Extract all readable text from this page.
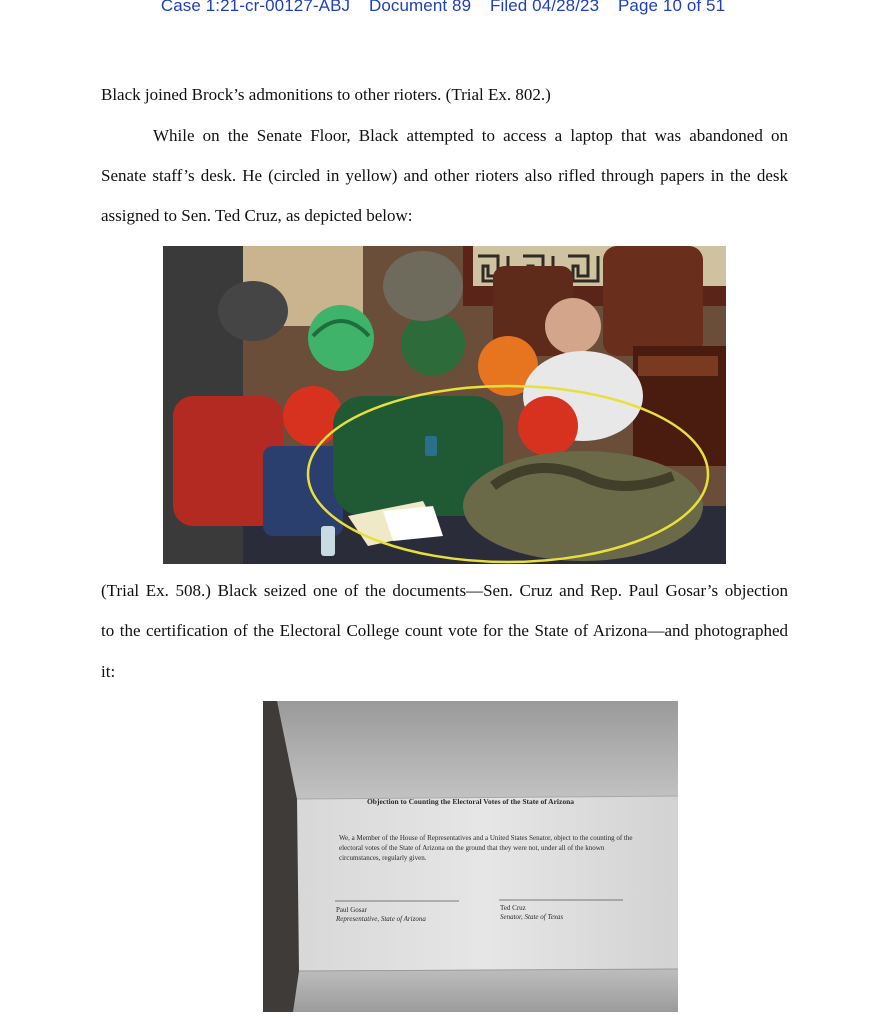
Case 1:21-cr-00127-ABJ Document 89 Filed 04/28/23 Page 10 of 51
Black joined Brock’s admonitions to other rioters. (Trial Ex. 802.)
While on the Senate Floor, Black attempted to access a laptop that was abandoned on
Senate staff’s desk. He (circled in yellow) and other rioters also rifled through papers in the desk
assigned to Sen. Ted Cruz, as depicted below:
(Trial Ex. 508.) Black seized one of the documents—Sen. Cruz and Rep. Paul Gosar’s objection
to the certification of the Electoral College count vote for the State of Arizona—and photographed
it:
Objection to Counting the Electoral Votes of the State of Arizona
We, a Member of the House of Representatives and a United States Senator, object to the counting of the electoral votes of the State of Arizona on the ground that they were not, under all of the known circumstances, regularly given.
Paul Gosar
Representative, State of Arizona
Ted Cruz
Senator, State of Texas
